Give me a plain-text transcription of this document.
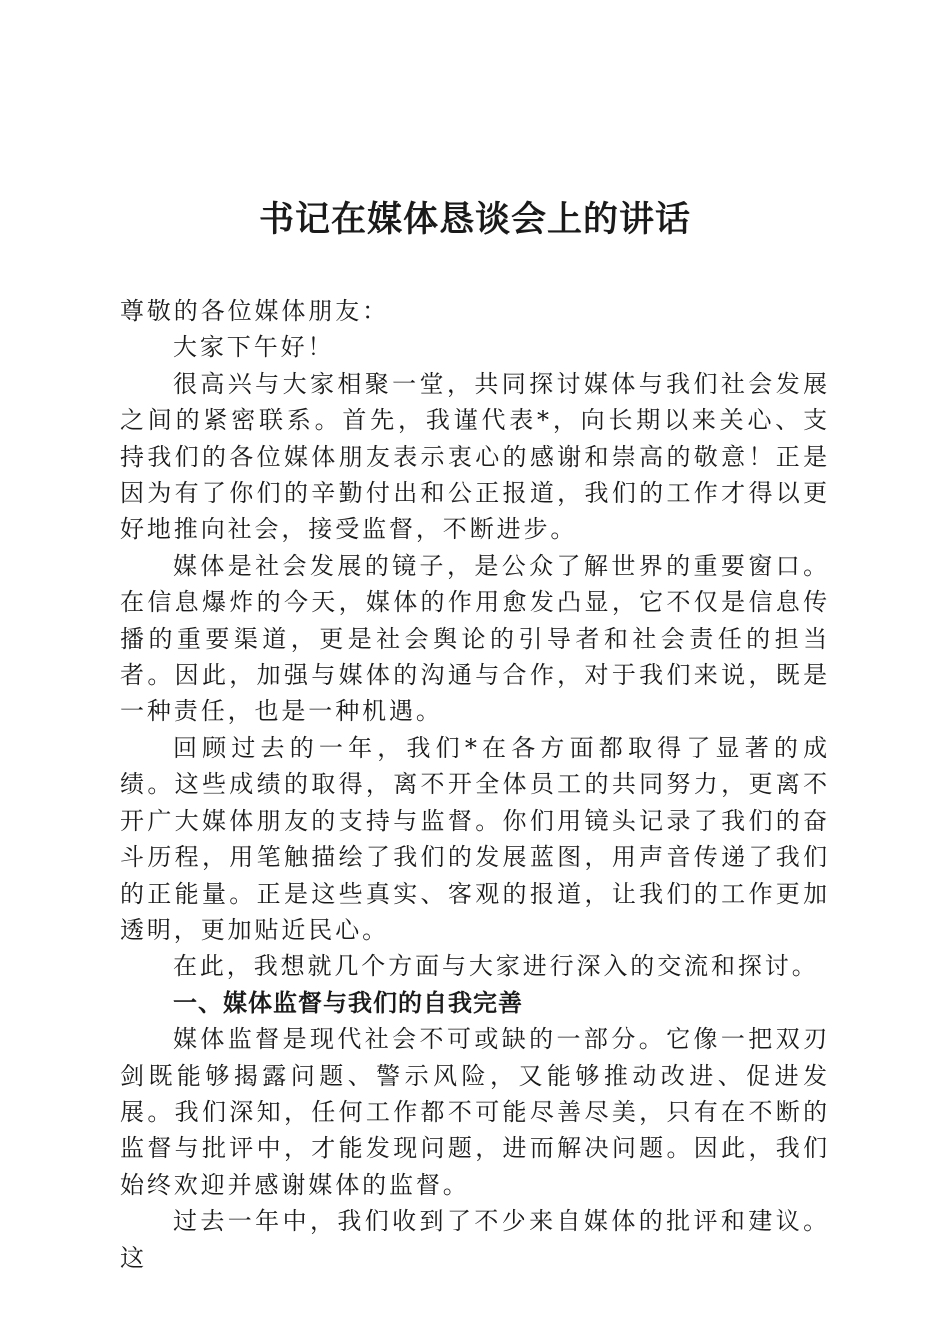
书记在媒体恳谈会上的讲话

尊敬的各位媒体朋友：

大家下午好！

很高兴与大家相聚一堂，共同探讨媒体与我们社会发展之间的紧密联系。首先，我谨代表*，向长期以来关心、支持我们的各位媒体朋友表示衷心的感谢和崇高的敬意！正是因为有了你们的辛勤付出和公正报道，我们的工作才得以更好地推向社会，接受监督，不断进步。

媒体是社会发展的镜子，是公众了解世界的重要窗口。在信息爆炸的今天，媒体的作用愈发凸显，它不仅是信息传播的重要渠道，更是社会舆论的引导者和社会责任的担当者。因此，加强与媒体的沟通与合作，对于我们来说，既是一种责任，也是一种机遇。

回顾过去的一年，我们*在各方面都取得了显著的成绩。这些成绩的取得，离不开全体员工的共同努力，更离不开广大媒体朋友的支持与监督。你们用镜头记录了我们的奋斗历程，用笔触描绘了我们的发展蓝图，用声音传递了我们的正能量。正是这些真实、客观的报道，让我们的工作更加透明，更加贴近民心。

在此，我想就几个方面与大家进行深入的交流和探讨。

一、媒体监督与我们的自我完善

媒体监督是现代社会不可或缺的一部分。它像一把双刃剑既能够揭露问题、警示风险，又能够推动改进、促进发展。我们深知，任何工作都不可能尽善尽美，只有在不断的监督与批评中，才能发现问题，进而解决问题。因此，我们始终欢迎并感谢媒体的监督。

过去一年中，我们收到了不少来自媒体的批评和建议。这
